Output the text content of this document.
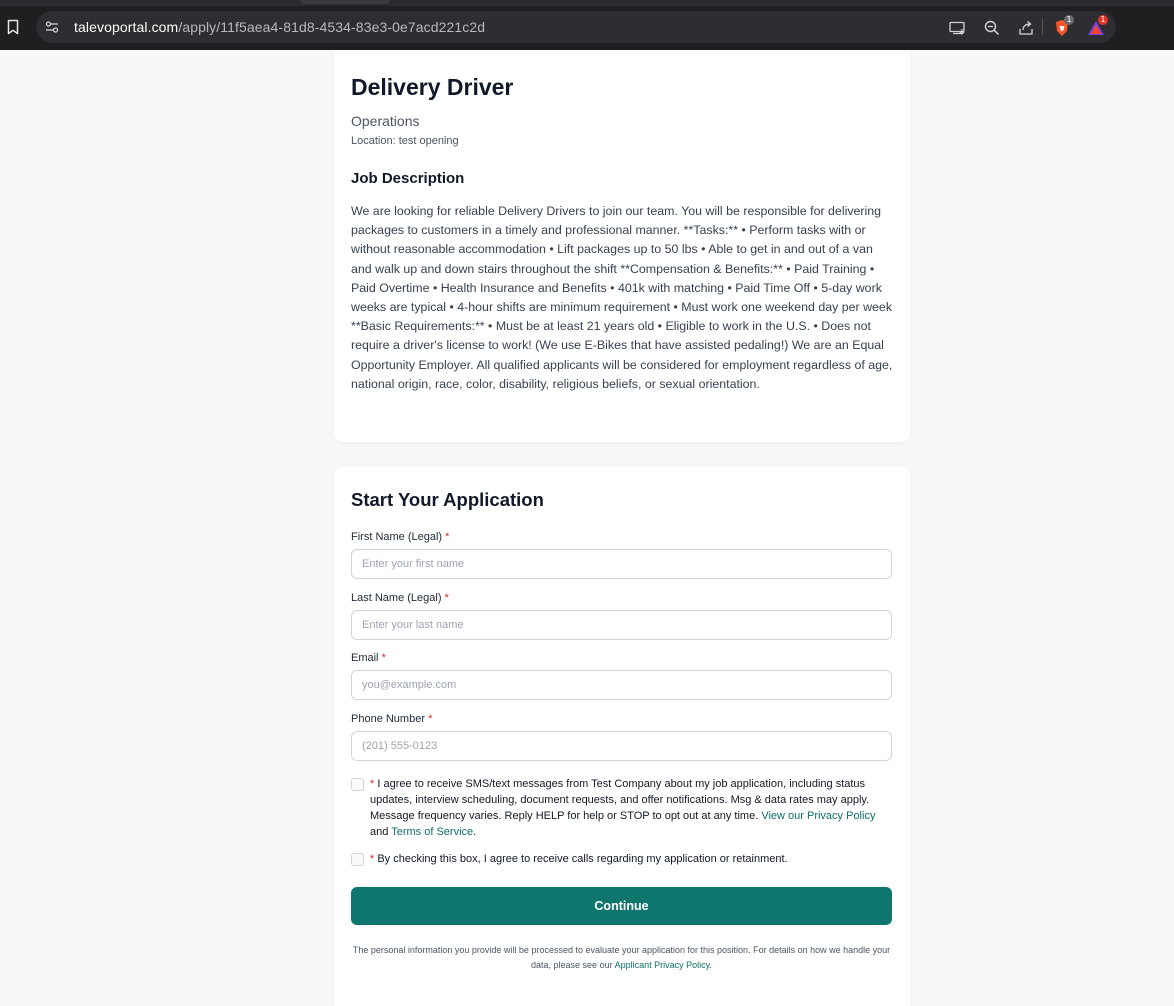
talevoportal.com/apply/11f5aea4-81d8-4534-83e3-0e7acd221c2d	1	1
Delivery Driver
Operations
Location: test opening
Job Description
We are looking for reliable Delivery Drivers to join our team. You will be responsible for delivering packages to customers in a timely and professional manner. **Tasks:** • Perform tasks with or without reasonable accommodation • Lift packages up to 50 lbs • Able to get in and out of a van and walk up and down stairs throughout the shift **Compensation & Benefits:** • Paid Training • Paid Overtime • Health Insurance and Benefits • 401k with matching • Paid Time Off • 5-day work weeks are typical • 4-hour shifts are minimum requirement • Must work one weekend day per week **Basic Requirements:** • Must be at least 21 years old • Eligible to work in the U.S. • Does not require a driver's license to work! (We use E-Bikes that have assisted pedaling!) We are an Equal Opportunity Employer. All qualified applicants will be considered for employment regardless of age, national origin, race, color, disability, religious beliefs, or sexual orientation.
Start Your Application
First Name (Legal) *
Enter your first name
Last Name (Legal) *
Enter your last name
Email *
you@example.com
Phone Number *
(201) 555-0123
* I agree to receive SMS/text messages from Test Company about my job application, including status updates, interview scheduling, document requests, and offer notifications. Msg & data rates may apply. Message frequency varies. Reply HELP for help or STOP to opt out at any time. View our Privacy Policy and Terms of Service.
* By checking this box, I agree to receive calls regarding my application or retainment.
Continue
The personal information you provide will be processed to evaluate your application for this position. For details on how we handle your data, please see our Applicant Privacy Policy.
